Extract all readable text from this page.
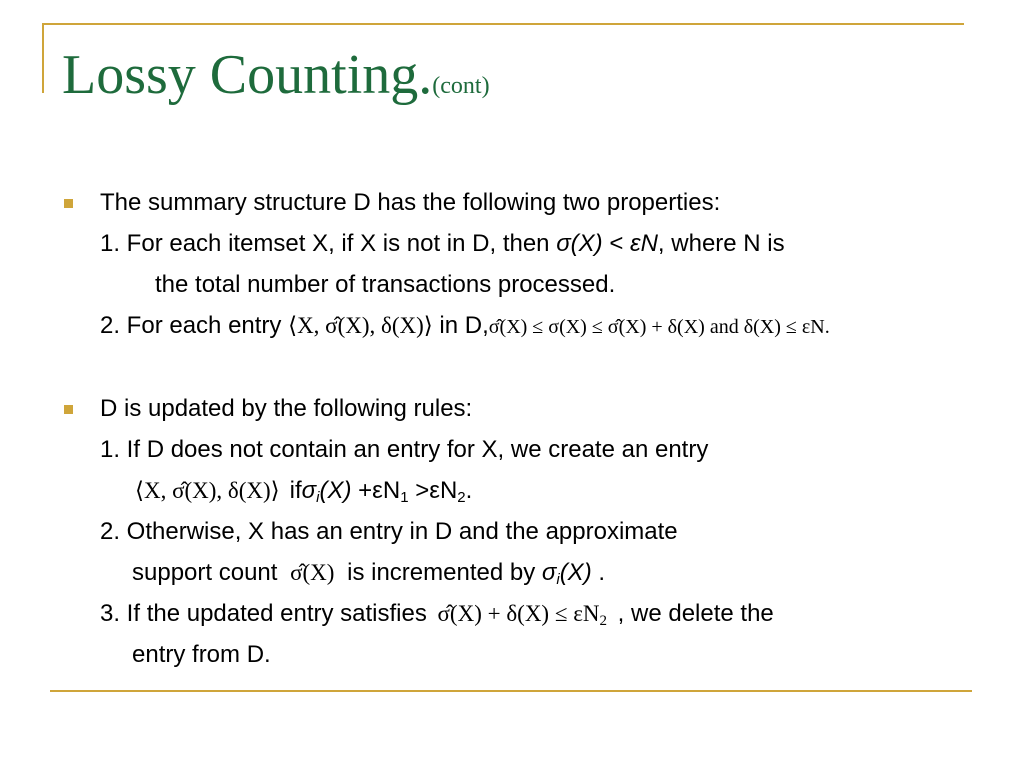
Lossy Counting.(cont)
The summary structure D has the following two properties:
1. For each itemset X, if X is not in D, then σ(X) < εN, where N is
the total number of transactions processed.
2. For each entry ⟨X, σ̂(X), δ(X)⟩ in D,σ̂(X) ≤ σ(X) ≤ σ̂(X) + δ(X) and δ(X) ≤ εN.
D is updated by the following rules:
1. If D does not contain an entry for X, we create an entry
⟨X, σ̂(X), δ(X)⟩ $if\sigma_i(X) +\varepsilon N_1 >\varepsilon N_2$.
2. Otherwise, X has an entry in D and the approximate
support count σ̂(X) is incremented by $\sigma_i(X)$ .
3. If the updated entry satisfies σ̂(X) + $\delta(X) \le \varepsilon N_2$ , we delete the
entry from D.
